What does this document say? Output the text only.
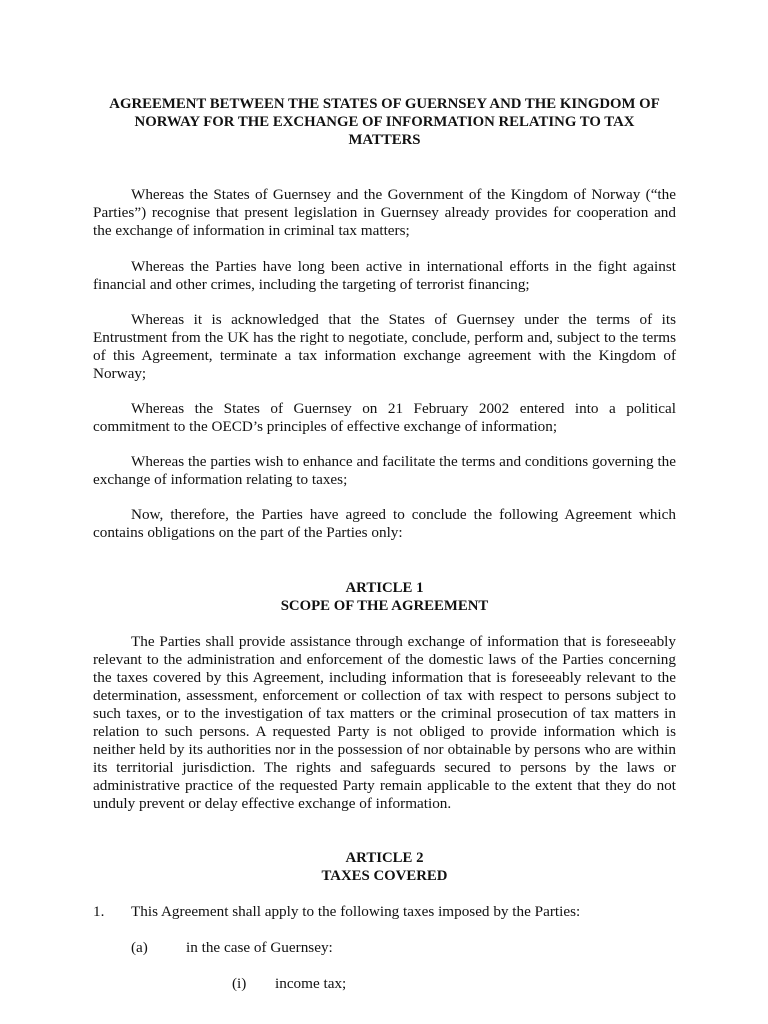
AGREEMENT BETWEEN THE STATES OF GUERNSEY AND THE KINGDOM OF

NORWAY FOR THE EXCHANGE OF INFORMATION RELATING TO TAX

MATTERS

Whereas the States of Guernsey and the Government of the Kingdom of Norway (“the Parties”) recognise that present legislation in Guernsey already provides for cooperation and the exchange of information in criminal tax matters;

Whereas the Parties have long been active in international efforts in the fight against financial and other crimes, including the targeting of terrorist financing;

Whereas it is acknowledged that the States of Guernsey under the terms of its Entrustment from the UK has the right to negotiate, conclude, perform and, subject to the terms of this Agreement, terminate a tax information exchange agreement with the Kingdom of Norway;

Whereas the States of Guernsey on 21 February 2002 entered into a political commitment to the OECD’s principles of effective exchange of information;

Whereas the parties wish to enhance and facilitate the terms and conditions governing the exchange of information relating to taxes;

Now, therefore, the Parties have agreed to conclude the following Agreement which contains obligations on the part of the Parties only:

ARTICLE 1

SCOPE OF THE AGREEMENT

The Parties shall provide assistance through exchange of information that is foreseeably relevant to the administration and enforcement of the domestic laws of the Parties concerning the taxes covered by this Agreement, including information that is foreseeably relevant to the determination, assessment, enforcement or collection of tax with respect to persons subject to such taxes, or to the investigation of tax matters or the criminal prosecution of tax matters in relation to such persons. A requested Party is not obliged to provide information which is neither held by its authorities nor in the possession of nor obtainable by persons who are within its territorial jurisdiction. The rights and safeguards secured to persons by the laws or administrative practice of the requested Party remain applicable to the extent that they do not unduly prevent or delay effective exchange of information.

ARTICLE 2

TAXES COVERED

1.	This Agreement shall apply to the following taxes imposed by the Parties:
(a)	in the case of Guernsey:
(i)	income tax;
